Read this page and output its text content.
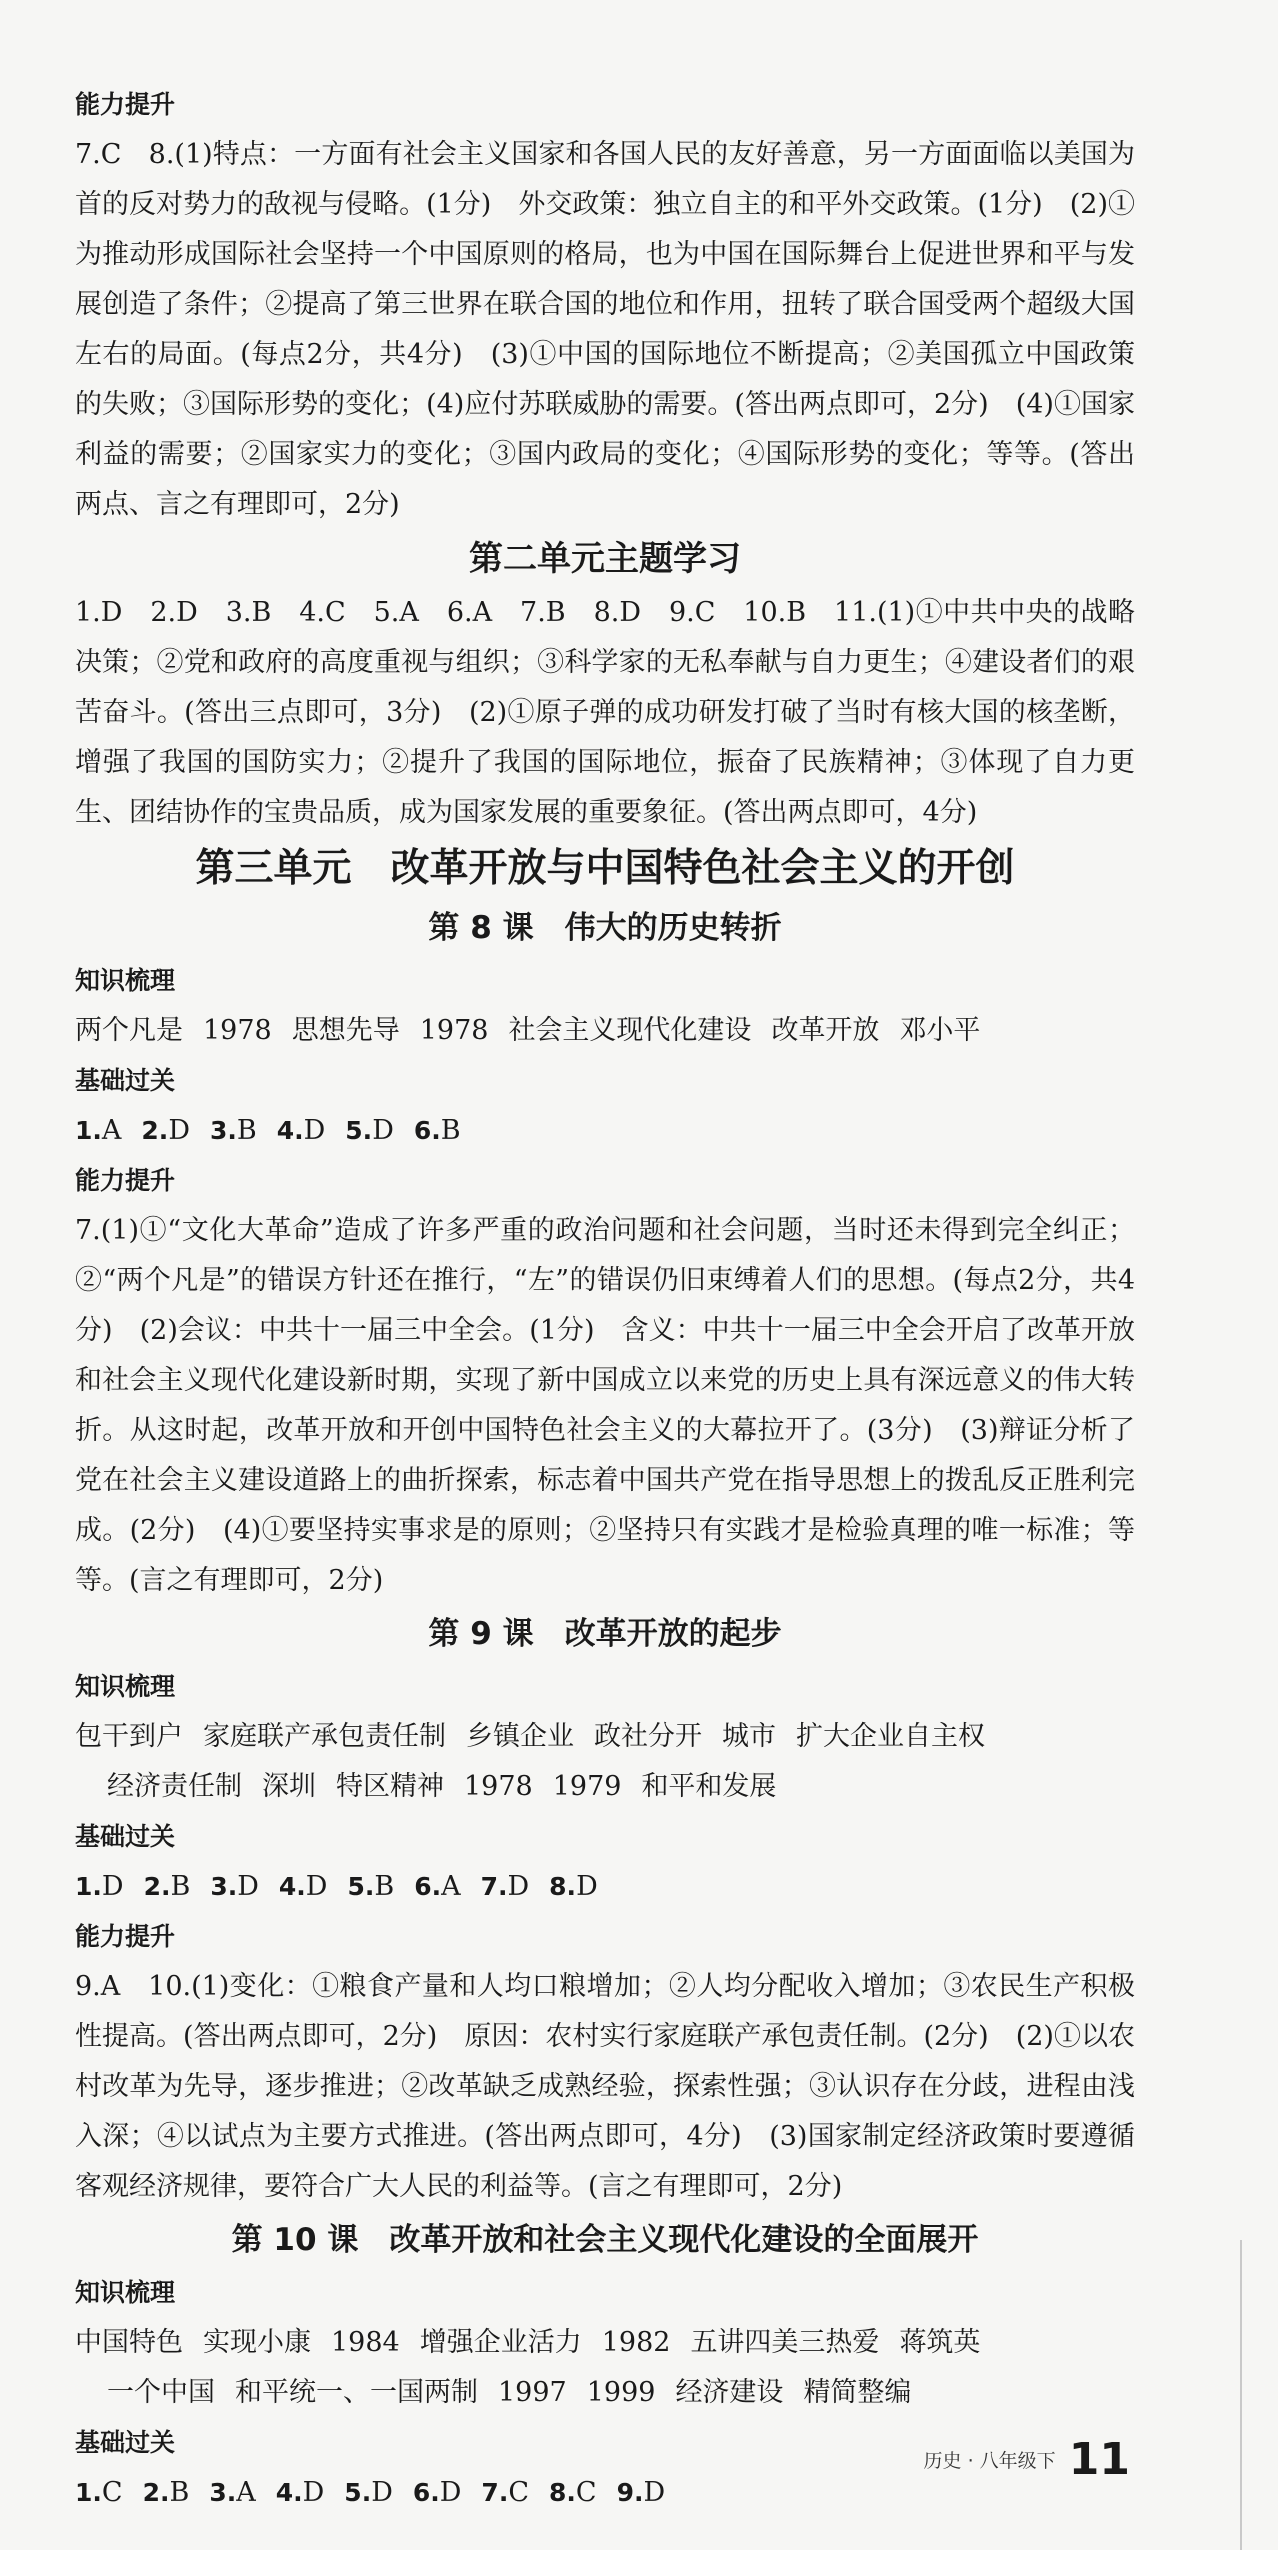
能力提升

7.C　8.(1)特点：一方面有社会主义国家和各国人民的友好善意，另一方面面临以美国为首的反对势力的敌视与侵略。(1分)　外交政策：独立自主的和平外交政策。(1分)　(2)①为推动形成国际社会坚持一个中国原则的格局，也为中国在国际舞台上促进世界和平与发展创造了条件；②提高了第三世界在联合国的地位和作用，扭转了联合国受两个超级大国左右的局面。(每点2分，共4分)　(3)①中国的国际地位不断提高；②美国孤立中国政策的失败；③国际形势的变化；(4)应付苏联威胁的需要。(答出两点即可，2分)　(4)①国家利益的需要；②国家实力的变化；③国内政局的变化；④国际形势的变化；等等。(答出两点、言之有理即可，2分)

第二单元主题学习

1.D　2.D　3.B　4.C　5.A　6.A　7.B　8.D　9.C　10.B　11.(1)①中共中央的战略决策；②党和政府的高度重视与组织；③科学家的无私奉献与自力更生；④建设者们的艰苦奋斗。(答出三点即可，3分)　(2)①原子弹的成功研发打破了当时有核大国的核垄断，增强了我国的国防实力；②提升了我国的国际地位，振奋了民族精神；③体现了自力更生、团结协作的宝贵品质，成为国家发展的重要象征。(答出两点即可，4分)

第三单元　改革开放与中国特色社会主义的开创
第 8 课　伟大的历史转折
知识梳理
两个凡是 1978 思想先导 1978 社会主义现代化建设 改革开放 邓小平
基础过关
1.A 2.D 3.B 4.D 5.D 6.B
能力提升

7.(1)①“文化大革命”造成了许多严重的政治问题和社会问题，当时还未得到完全纠正；②“两个凡是”的错误方针还在推行，“左”的错误仍旧束缚着人们的思想。(每点2分，共4分)　(2)会议：中共十一届三中全会。(1分)　含义：中共十一届三中全会开启了改革开放和社会主义现代化建设新时期，实现了新中国成立以来党的历史上具有深远意义的伟大转折。从这时起，改革开放和开创中国特色社会主义的大幕拉开了。(3分)　(3)辩证分析了党在社会主义建设道路上的曲折探索，标志着中国共产党在指导思想上的拨乱反正胜利完成。(2分)　(4)①要坚持实事求是的原则；②坚持只有实践才是检验真理的唯一标准；等等。(言之有理即可，2分)

第 9 课　改革开放的起步
知识梳理
包干到户 家庭联产承包责任制 乡镇企业 政社分开 城市 扩大企业自主权
经济责任制 深圳 特区精神 1978 1979 和平和发展
基础过关
1.D 2.B 3.D 4.D 5.B 6.A 7.D 8.D
能力提升

9.A　10.(1)变化：①粮食产量和人均口粮增加；②人均分配收入增加；③农民生产积极性提高。(答出两点即可，2分)　原因：农村实行家庭联产承包责任制。(2分)　(2)①以农村改革为先导，逐步推进；②改革缺乏成熟经验，探索性强；③认识存在分歧，进程由浅入深；④以试点为主要方式推进。(答出两点即可，4分)　(3)国家制定经济政策时要遵循客观经济规律，要符合广大人民的利益等。(言之有理即可，2分)

第 10 课　改革开放和社会主义现代化建设的全面展开
知识梳理
中国特色 实现小康 1984 增强企业活力 1982 五讲四美三热爱 蒋筑英
一个中国 和平统一、一国两制 1997 1999 经济建设 精简整编
基础过关
1.C 2.B 3.A 4.D 5.D 6.D 7.C 8.C 9.D
历史 · 八年级下 11
